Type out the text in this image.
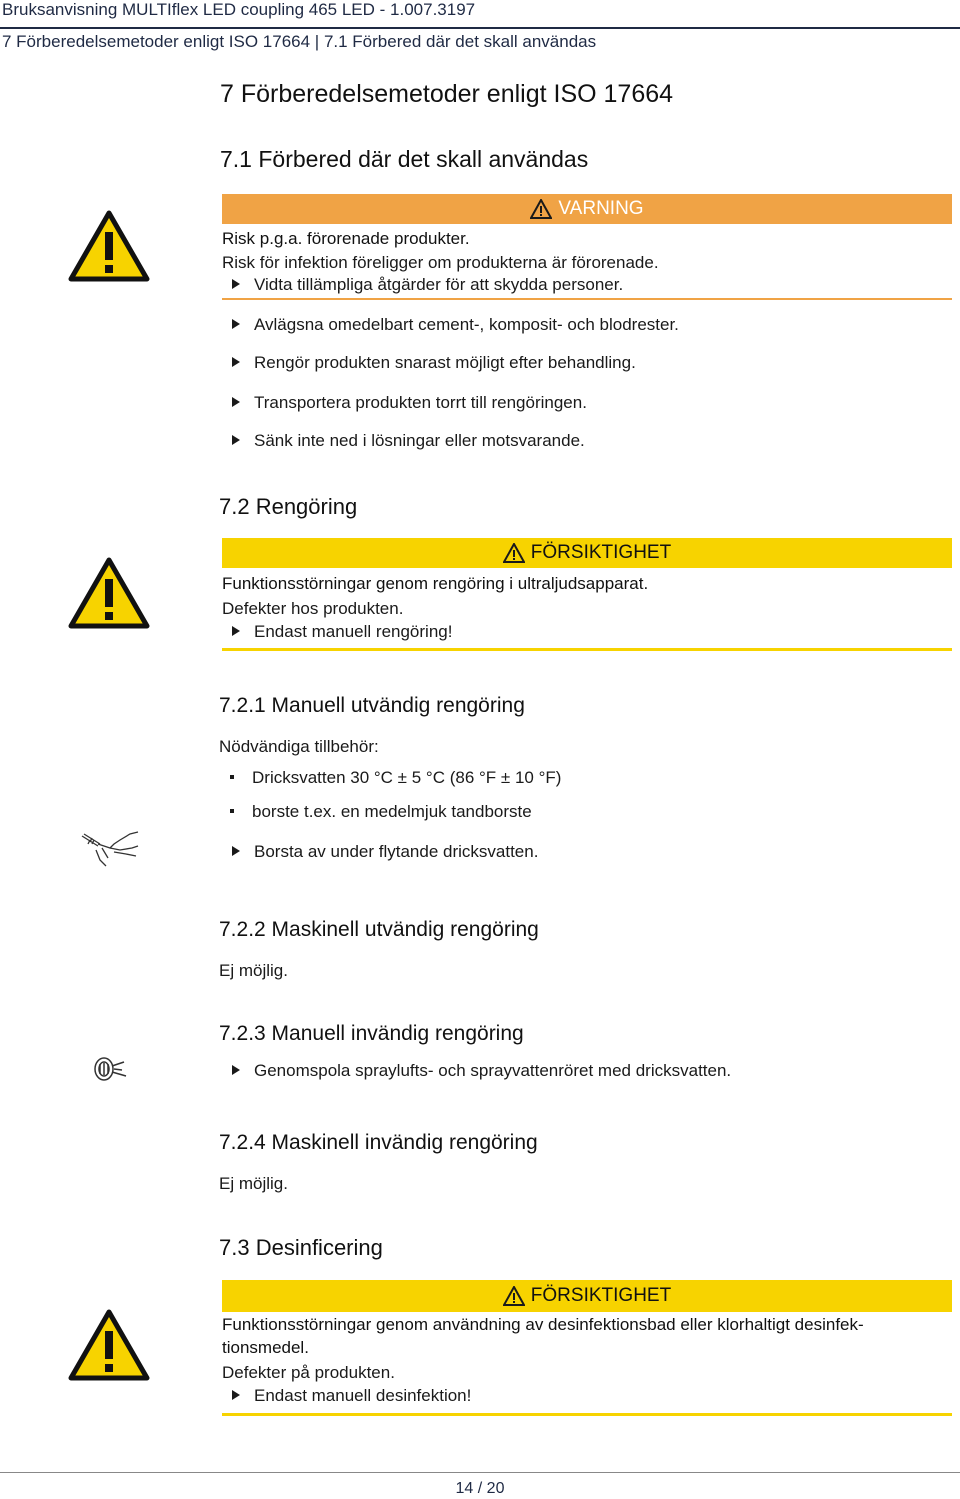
Bruksanvisning MULTIflex LED coupling 465 LED - 1.007.3197
7 Förberedelsemetoder enligt ISO 17664 | 7.1 Förbered där det skall användas
7 Förberedelsemetoder enligt ISO 17664
7.1 Förbered där det skall användas
VARNING
Risk p.g.a. förorenade produkter.
Risk för infektion föreligger om produkterna är förorenade.
Vidta tillämpliga åtgärder för att skydda personer.
Avlägsna omedelbart cement-, komposit- och blodrester.
Rengör produkten snarast möjligt efter behandling.
Transportera produkten torrt till rengöringen.
Sänk inte ned i lösningar eller motsvarande.
7.2 Rengöring
FÖRSIKTIGHET
Funktionsstörningar genom rengöring i ultraljudsapparat.
Defekter hos produkten.
Endast manuell rengöring!
7.2.1 Manuell utvändig rengöring
Nödvändiga tillbehör:
Dricksvatten 30 °C ± 5 °C (86 °F ± 10 °F)
borste t.ex. en medelmjuk tandborste
Borsta av under flytande dricksvatten.
7.2.2 Maskinell utvändig rengöring
Ej möjlig.
7.2.3 Manuell invändig rengöring
Genomspola spraylufts- och sprayvattenröret med dricksvatten.
7.2.4 Maskinell invändig rengöring
Ej möjlig.
7.3 Desinficering
FÖRSIKTIGHET
Funktionsstörningar genom användning av desinfektionsbad eller klorhaltigt desinfek-
tionsmedel.
Defekter på produkten.
Endast manuell desinfektion!
14 / 20
